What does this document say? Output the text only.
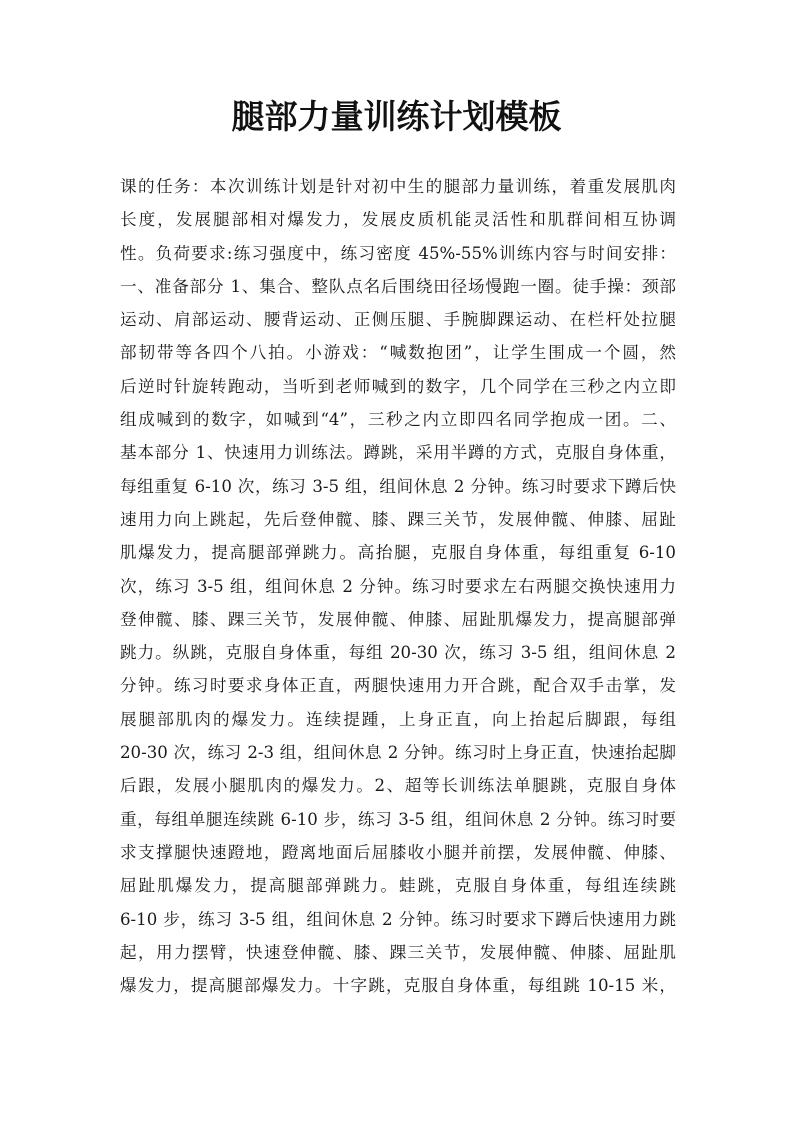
腿部力量训练计划模板
课的任务：本次训练计划是针对初中生的腿部力量训练，着重发展肌肉
长度，发展腿部相对爆发力，发展皮质机能灵活性和肌群间相互协调
性。负荷要求:练习强度中，练习密度 45%-55%训练内容与时间安排：
一、准备部分 1、集合、整队点名后围绕田径场慢跑一圈。徒手操：颈部
运动、肩部运动、腰背运动、正侧压腿、手腕脚踝运动、在栏杆处拉腿
部韧带等各四个八拍。小游戏：“喊数抱团”，让学生围成一个圆，然
后逆时针旋转跑动，当听到老师喊到的数字，几个同学在三秒之内立即
组成喊到的数字，如喊到“4”，三秒之内立即四名同学抱成一团。二、
基本部分 1、快速用力训练法。蹲跳，采用半蹲的方式，克服自身体重，
每组重复 6-10 次，练习 3-5 组，组间休息 2 分钟。练习时要求下蹲后快
速用力向上跳起，先后登伸髋、膝、踝三关节，发展伸髋、伸膝、屈趾
肌爆发力，提高腿部弹跳力。高抬腿，克服自身体重，每组重复 6-10
次，练习 3-5 组，组间休息 2 分钟。练习时要求左右两腿交换快速用力
登伸髋、膝、踝三关节，发展伸髋、伸膝、屈趾肌爆发力，提高腿部弹
跳力。纵跳，克服自身体重，每组 20-30 次，练习 3-5 组，组间休息 2
分钟。练习时要求身体正直，两腿快速用力开合跳，配合双手击掌，发
展腿部肌肉的爆发力。连续提踵，上身正直，向上抬起后脚跟，每组
20-30 次，练习 2-3 组，组间休息 2 分钟。练习时上身正直，快速抬起脚
后跟，发展小腿肌肉的爆发力。2、超等长训练法单腿跳，克服自身体
重，每组单腿连续跳 6-10 步，练习 3-5 组，组间休息 2 分钟。练习时要
求支撑腿快速蹬地，蹬离地面后屈膝收小腿并前摆，发展伸髋、伸膝、
屈趾肌爆发力，提高腿部弹跳力。蛙跳，克服自身体重，每组连续跳
6-10 步，练习 3-5 组，组间休息 2 分钟。练习时要求下蹲后快速用力跳
起，用力摆臂，快速登伸髋、膝、踝三关节，发展伸髋、伸膝、屈趾肌
爆发力，提高腿部爆发力。十字跳，克服自身体重，每组跳 10-15 米，
